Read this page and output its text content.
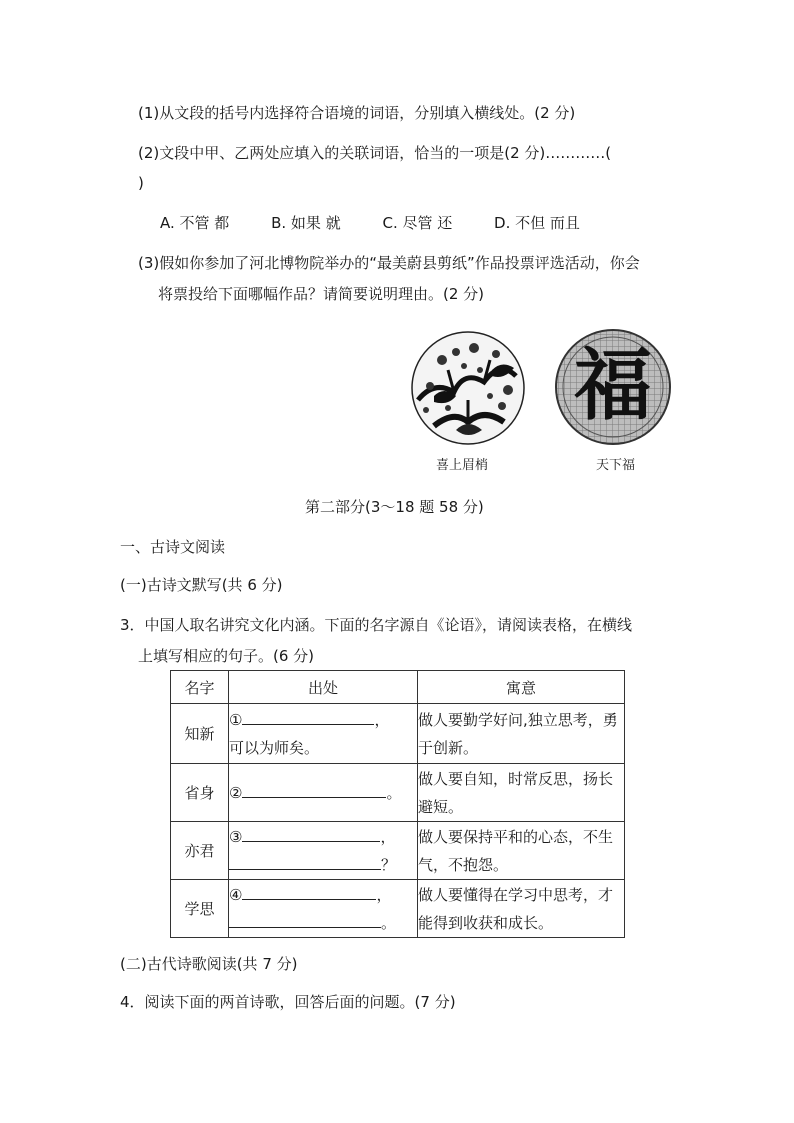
(1)从文段的括号内选择符合语境的词语，分别填入横线处。(2 分)
(2)文段中甲、乙两处应填入的关联词语，恰当的一项是(2 分)…………(
)
A. 不管 都	B. 如果 就	C. 尽管 还	D. 不但 而且
(3)假如你参加了河北博物院举办的“最美蔚县剪纸”作品投票评选活动，你会
将票投给下面哪幅作品？请简要说明理由。(2 分)
喜上眉梢
福
天下福
第二部分(3～18 题 58 分)
一、古诗文阅读
(一)古诗文默写(共 6 分)
3．中国人取名讲究文化内涵。下面的名字源自《论语》，请阅读表格，在横线
上填写相应的句子。(6 分)
名字	出处	寓意
知新	① ，
可以为师矣。	做人要勤学好问,独立思考，勇于创新。
省身	② 。	做人要自知，时常反思，扬长避短。
亦君	③ ，
？	做人要保持平和的心态，不生气，不抱怨。
学思	④ ，
。	做人要懂得在学习中思考，才能得到收获和成长。
(二)古代诗歌阅读(共 7 分)
4．阅读下面的两首诗歌，回答后面的问题。(7 分)
